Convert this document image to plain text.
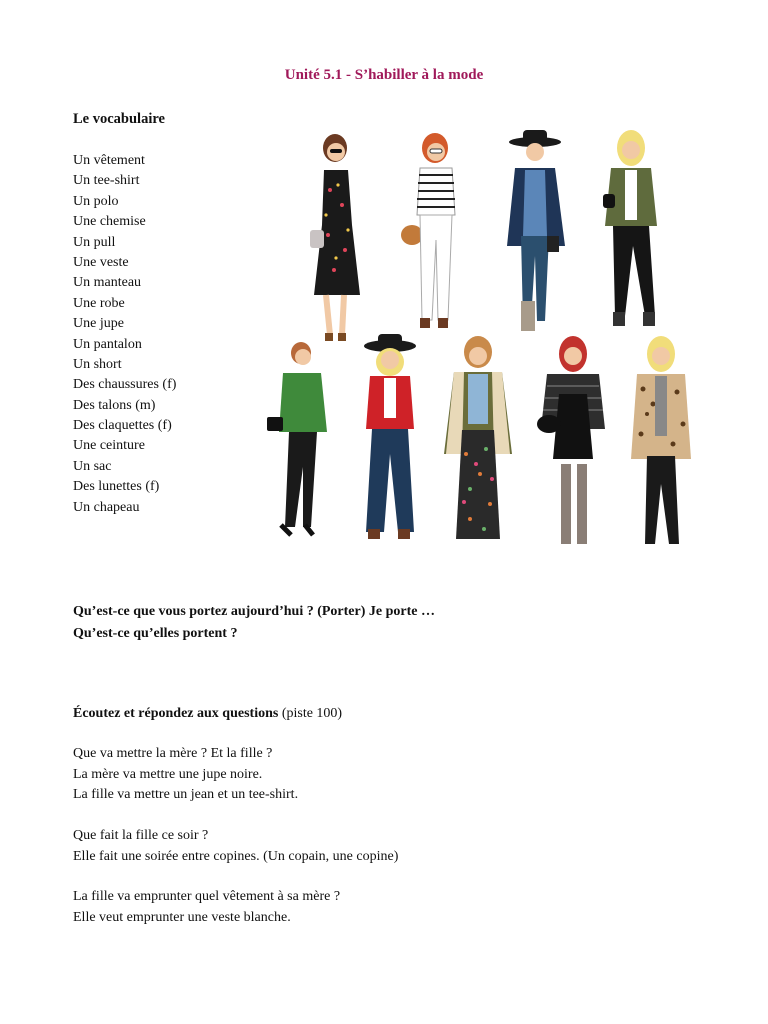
Unité 5.1 - S’habiller à la mode
Le vocabulaire
Un vêtement
Un tee-shirt
Un polo
Une chemise
Un pull
Une veste
Un manteau
Une robe
Une jupe
Un pantalon
Un short
Des chaussures (f)
Des talons (m)
Des claquettes (f)
Une ceinture
Un sac
Des lunettes (f)
Un chapeau
Qu’est-ce que vous portez aujourd’hui ? (Porter) Je porte …
Qu’est-ce qu’elles portent ?
Écoutez et répondez aux questions (piste 100)
Que va mettre la mère ? Et la fille ?
La mère va mettre une jupe noire.
La fille va mettre un jean et un tee-shirt.
Que fait la fille ce soir ?
Elle fait une soirée entre copines. (Un copain, une copine)
La fille va emprunter quel vêtement à sa mère ?
Elle veut emprunter une veste blanche.
